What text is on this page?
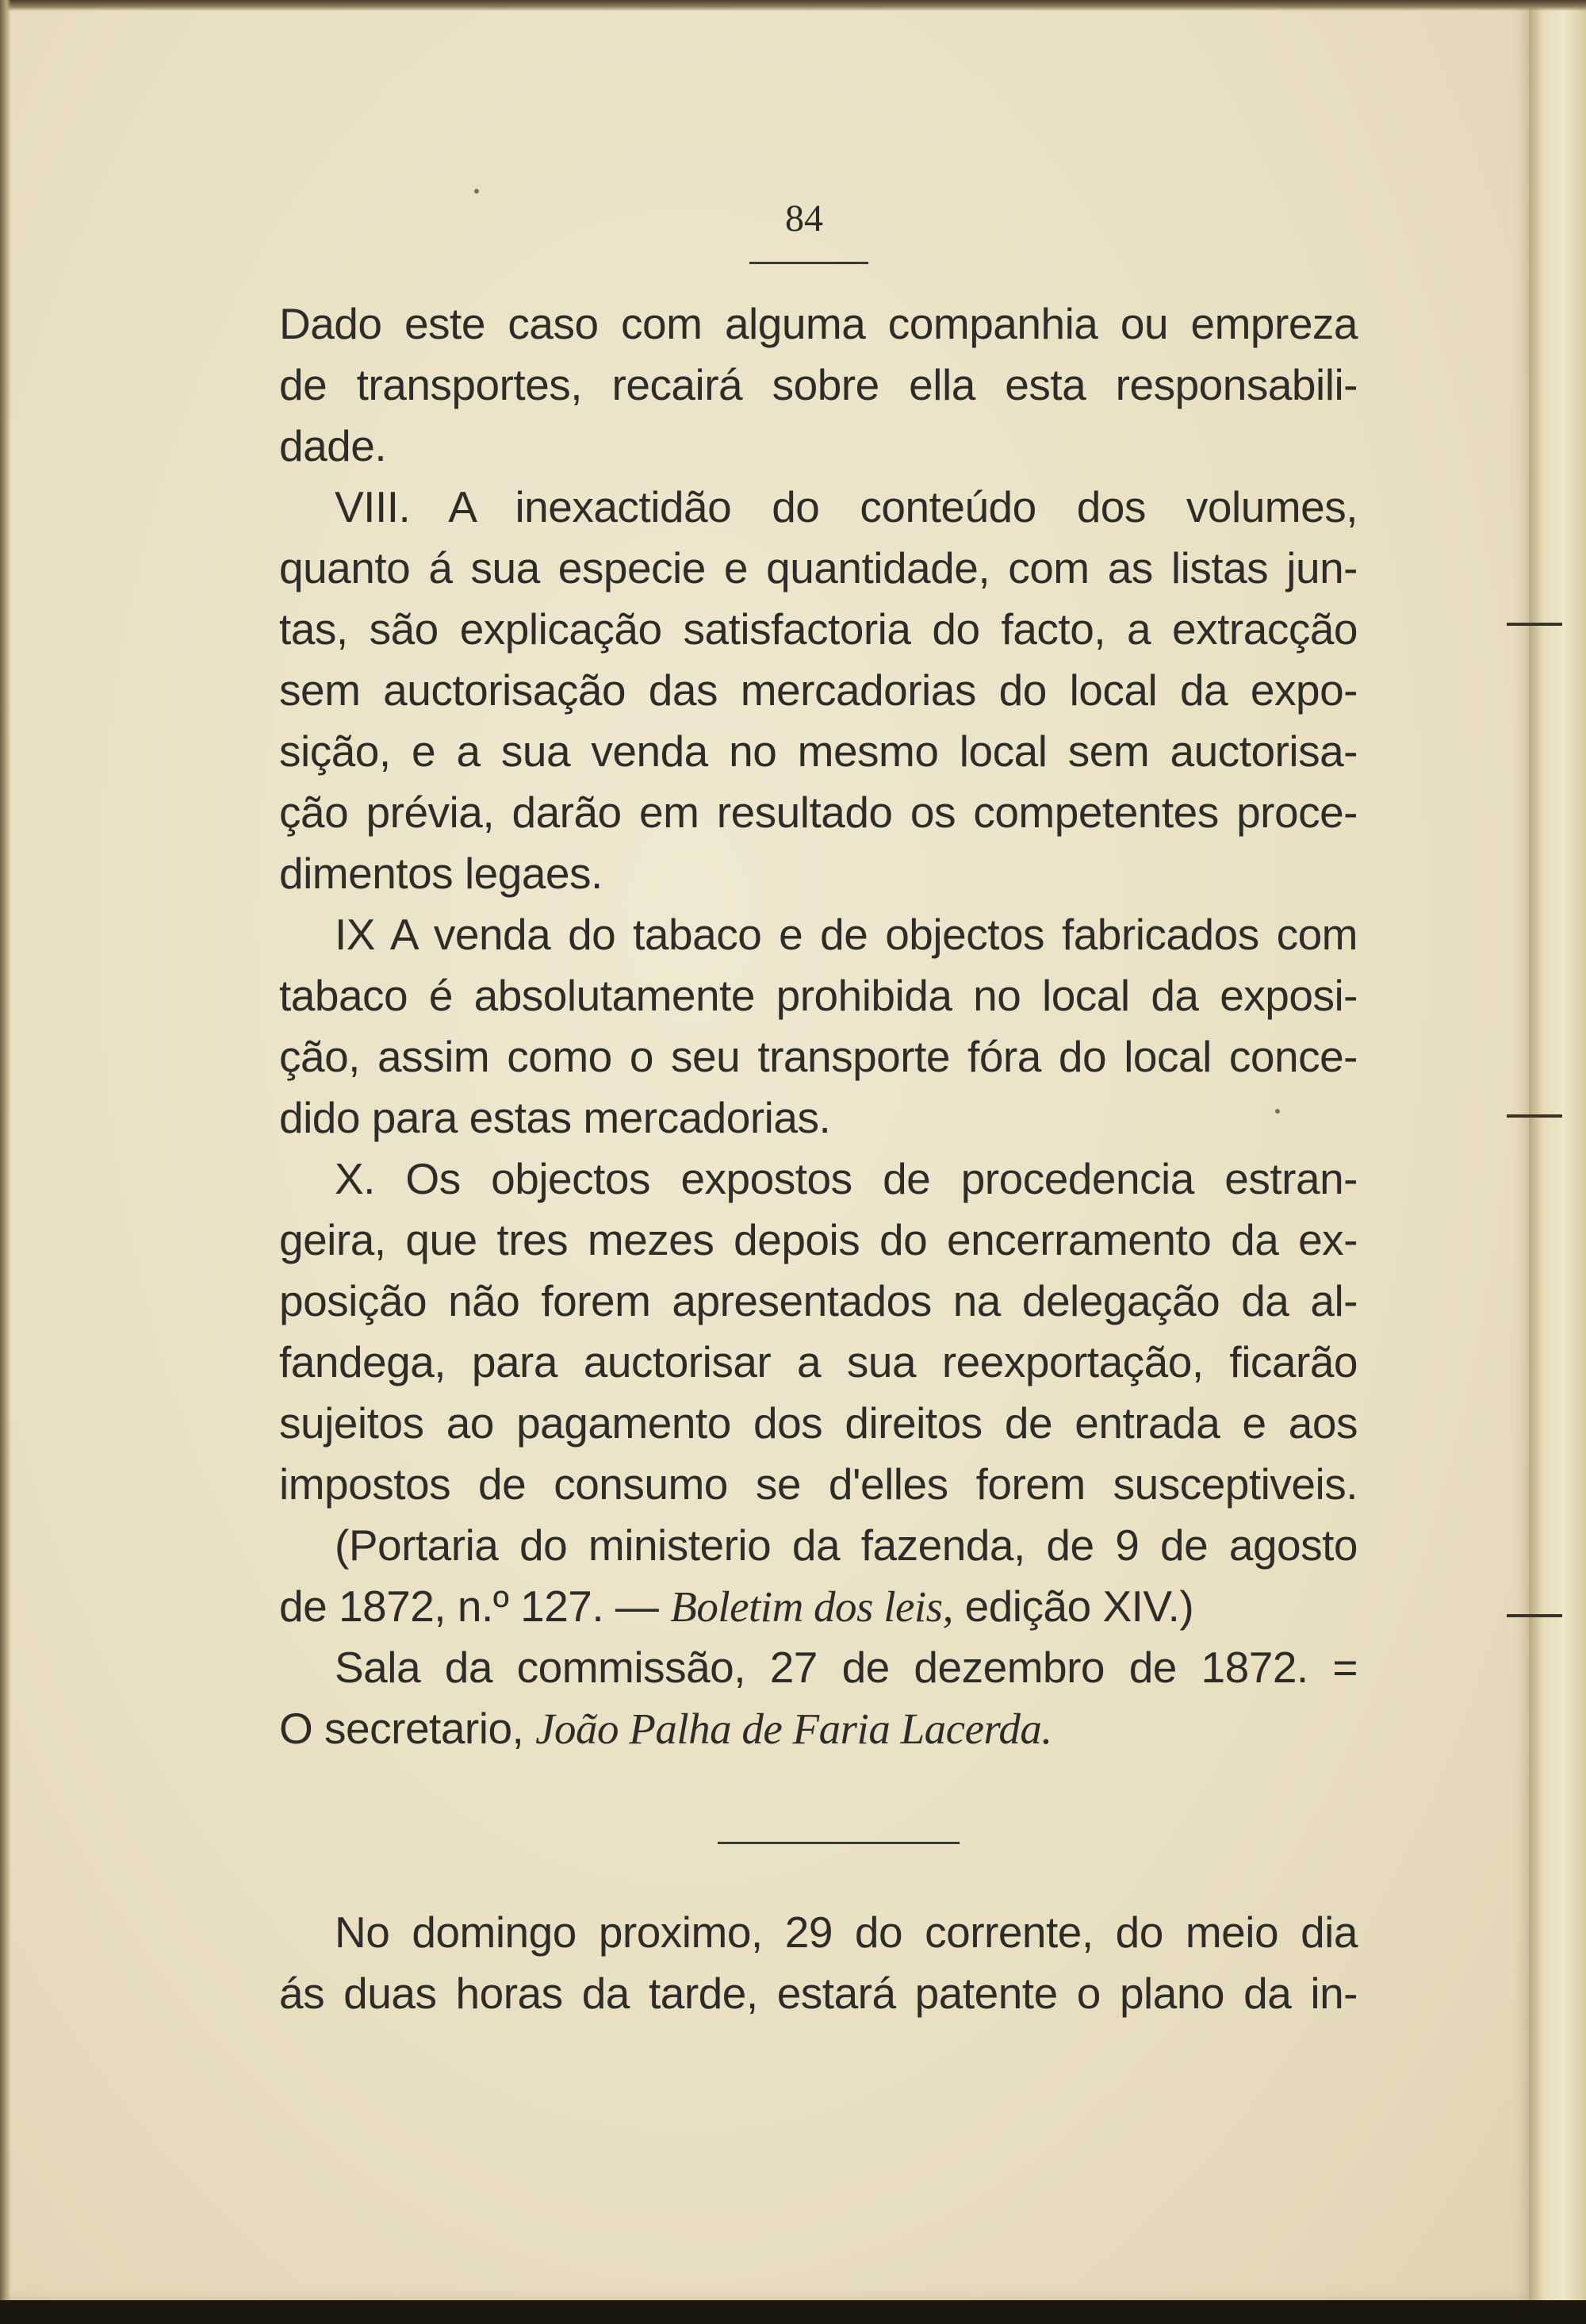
84
Dado este caso com alguma companhia ou empreza
de transportes, recairá sobre ella esta responsabili-
dade.
VIII. A inexactidão do conteúdo dos volumes,
quanto á sua especie e quantidade, com as listas jun-
tas, são explicação satisfactoria do facto, a extracção
sem auctorisação das mercadorias do local da expo-
sição, e a sua venda no mesmo local sem auctorisa-
ção prévia, darão em resultado os competentes proce-
dimentos legaes.
IX A venda do tabaco e de objectos fabricados com
tabaco é absolutamente prohibida no local da exposi-
ção, assim como o seu transporte fóra do local conce-
dido para estas mercadorias.
X. Os objectos expostos de procedencia estran-
geira, que tres mezes depois do encerramento da ex-
posição não forem apresentados na delegação da al-
fandega, para auctorisar a sua reexportação, ficarão
sujeitos ao pagamento dos direitos de entrada e aos
impostos de consumo se d'elles forem susceptiveis.
(Portaria do ministerio da fazenda, de 9 de agosto
de 1872, n.º 127. — Boletim dos leis, edição XIV.)
Sala da commissão, 27 de dezembro de 1872. =
O secretario, João Palha de Faria Lacerda.
No domingo proximo, 29 do corrente, do meio dia
ás duas horas da tarde, estará patente o plano da in-
